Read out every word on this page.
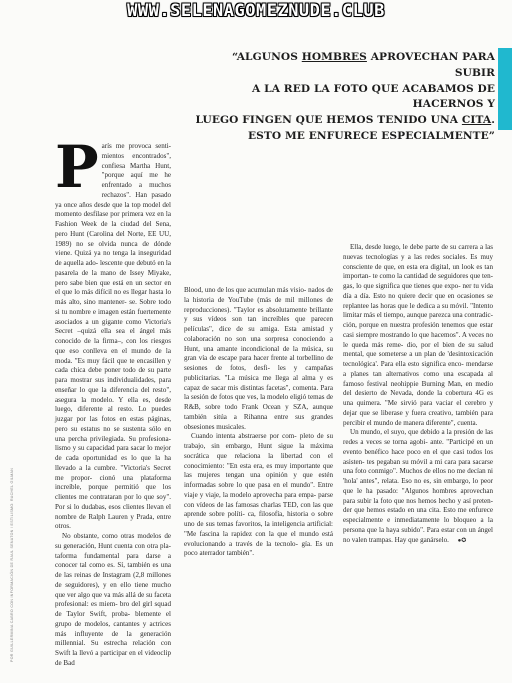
WWW.SELENAGOMEZNUDE.CLUB
“ALGUNOS HOMBRES APROVECHAN PARA SUBIR
A LA RED LA FOTO QUE ACABAMOS DE HACERNOS Y
LUEGO FINGEN QUE HEMOS TENIDO UNA CITA.
ESTO ME ENFURECE ESPECIALMENTE”

París me provoca senti- mientos encontrados", confiesa Martha Hunt, "porque aquí me he enfrentado a muchos rechazos". Han pasado ya once años desde que la top model del momento desfilase por primera vez en la Fashion Week de la ciudad del Sena, pero Hunt (Carolina del Norte, EE UU, 1989) no se olvida nunca de dónde viene. Quizá ya no tenga la inseguridad de aquella ado- lescente que debutó en la pasarela de la mano de Issey Miyake, pero sabe bien que está en un sector en el que lo más difícil no es llegar hasta lo más alto, sino mantener- se. Sobre todo si tu nombre e imagen están fuertemente asociados a un gigante como Victoria's Secret –quizá ella sea el ángel más conocido de la firma–, con los riesgos que eso conlleva en el mundo de la moda. "Es muy fácil que te encasillen y cada chica debe poner todo de su parte para mostrar sus individualidades, para enseñar lo que la diferencia del resto", asegura la modelo. Y ella es, desde luego, diferente al resto. Lo puedes juzgar por las fotos en estas páginas, pero su estatus no se sustenta sólo en una percha privilegiada. Su profesiona- lismo y su capacidad para sacar lo mejor de cada oportunidad es lo que la ha llevado a la cumbre. "Victoria's Secret me propor- cionó una plataforma increíble, porque permitió que los clientes me contrataran por lo que soy". Por si lo dudabas, esos clientes llevan el nombre de Ralph Lauren y Prada, entre otros.

No obstante, como otras modelos de su generación, Hunt cuenta con otra pla- taforma fundamental para darse a conocer tal como es. Sí, también es una de las reinas de Instagram (2,8 millones de seguidores), y en ello tiene mucho que ver algo que va más allá de su faceta profesional: es miem- bro del girl squad de Taylor Swift, proba- blemente el grupo de modelos, cantantes y actrices más influyente de la generación millennial. Su estrecha relación con Swift la llevó a participar en el videoclip de Bad

Blood, uno de los que acumulan más visio- nados de la historia de YouTube (más de mil millones de reproducciones). "Taylor es absolutamente brillante y sus vídeos son tan increíbles que parecen películas", dice de su amiga. Esta amistad y colaboración no son una sorpresa conociendo a Hunt, una amante incondicional de la música, su gran vía de escape para hacer frente al torbellino de sesiones de fotos, desfi- les y campañas publicitarias. "La música me llega al alma y es capaz de sacar mis distintas facetas", comenta. Para la sesión de fotos que ves, la modelo eligió temas de R&B, sobre todo Frank Ocean y SZA, aunque también sitúa a Rihanna entre sus grandes obsesiones musicales.

Cuando intenta abstraerse por com- pleto de su trabajo, sin embargo, Hunt sigue la máxima socrática que relaciona la libertad con el conocimiento: "En esta era, es muy importante que las mujeres tengan una opinión y que estén informadas sobre lo que pasa en el mundo". Entre viaje y viaje, la modelo aprovecha para empa- parse con vídeos de las famosas charlas TED, con las que aprende sobre políti- ca, filosofía, historia o sobre uno de sus temas favoritos, la inteligencia artificial: "Me fascina la rapidez con la que el mundo está evolucionando a través de la tecnolo- gía. Es un poco aterrador también".

Ella, desde luego, le debe parte de su carrera a las nuevas tecnologías y a las redes sociales. Es muy consciente de que, en esta era digital, un look es tan importan- te como la cantidad de seguidores que ten- gas, lo que significa que tienes que expo- ner tu vida día a día. Esto no quiere decir que en ocasiones se replantee las horas que le dedica a su móvil. "Intento limitar más el tiempo, aunque parezca una contradic- ción, porque en nuestra profesión tenemos que estar casi siempre mostrando lo que hacemos". A veces no le queda más reme- dio, por el bien de su salud mental, que someterse a un plan de 'desintoxicación tecnológica'. Para ella esto significa enco- mendarse a planes tan alternativos como una escapada al famoso festival neohippie Burning Man, en medio del desierto de Nevada, donde la cobertura 4G es una quimera. "Me sirvió para vaciar el cerebro y dejar que se liberase y fuera creativo, también para percibir el mundo de manera diferente", cuenta.

Un mundo, el suyo, que debido a la presión de las redes a veces se torna agobi- ante. "Participé en un evento benéfico hace poco en el que casi todos los asisten- tes pegaban su móvil a mi cara para sacarse una foto conmigo". Muchos de ellos no me decían ni 'hola' antes", relata. Eso no es, sin embargo, lo peor que le ha pasado: "Algunos hombres aprovechan para subir la foto que nos hemos hecho y así preten- der que hemos estado en una cita. Esto me enfurece especialmente e inmediatamente lo bloqueo a la persona que la haya subido". Para estar con un ángel no valen trampas. Hay que ganárselo. ●✪

POR GUILLERMINA CABRO CON INFORMACIÓN DE RAUL SENATON / ESTILISMO: RACHEL GILMAN
